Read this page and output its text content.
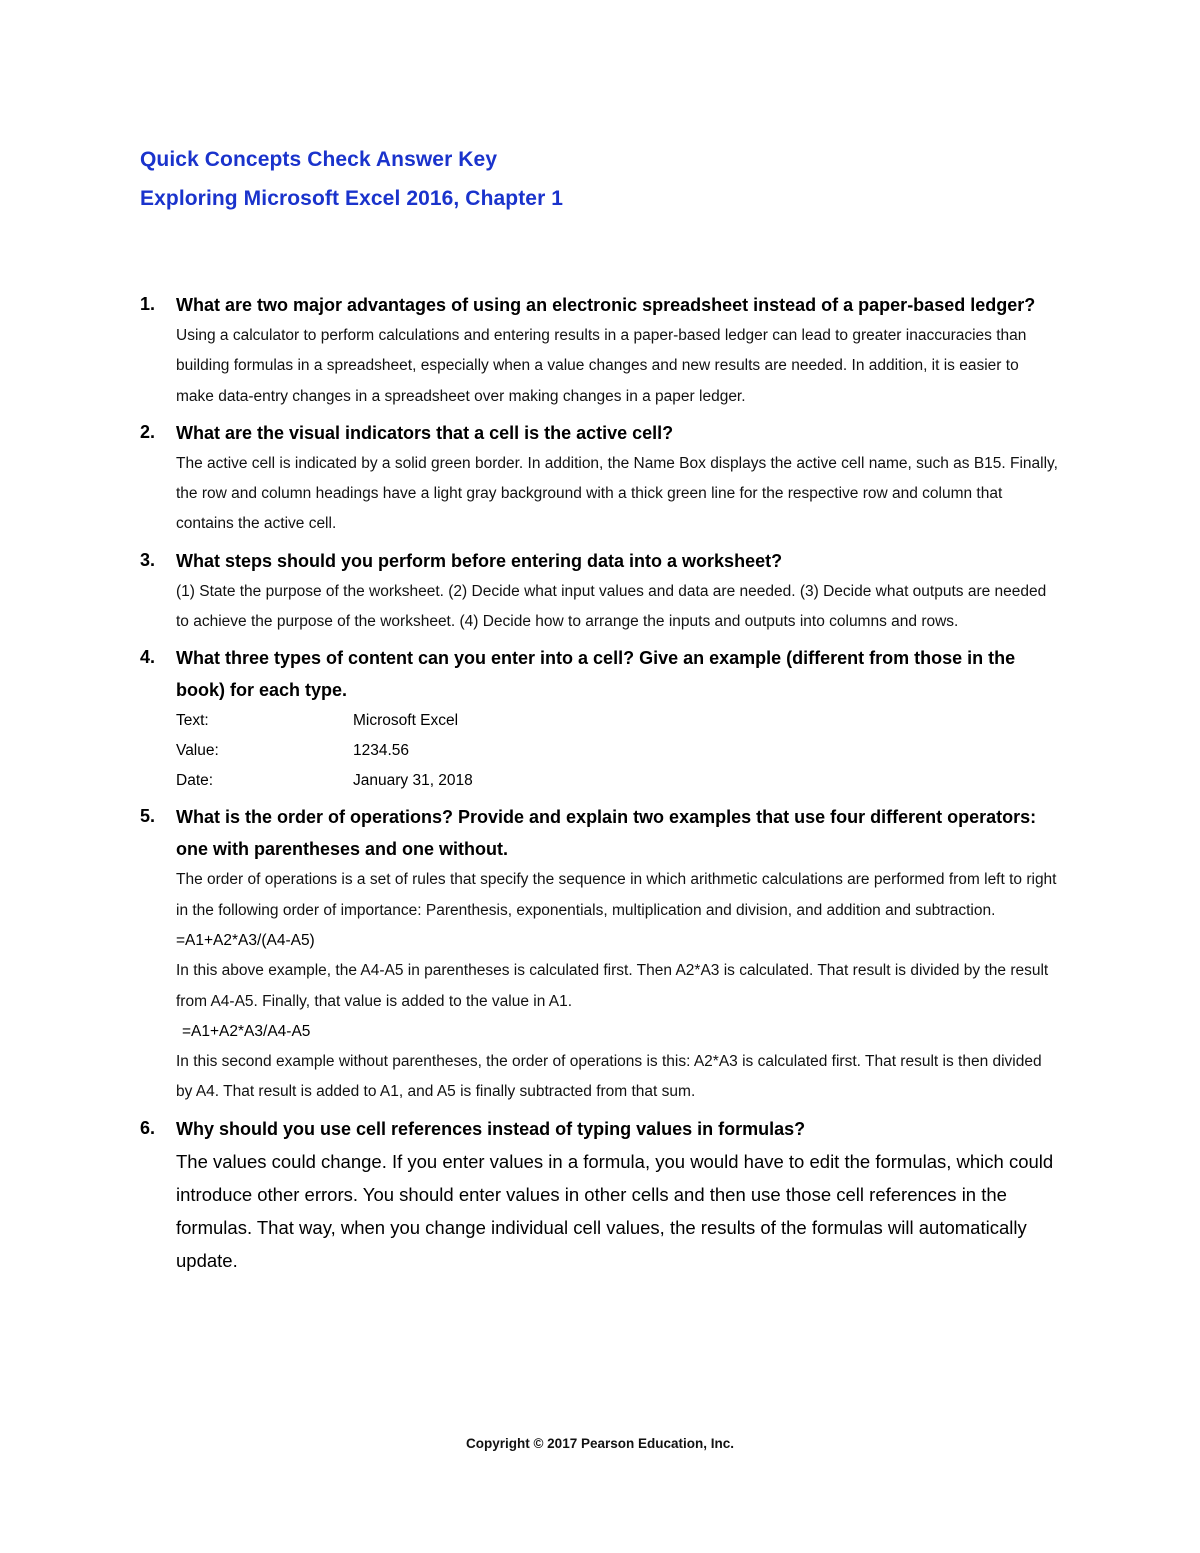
Quick Concepts Check Answer Key
Exploring Microsoft Excel 2016, Chapter 1
1. What are two major advantages of using an electronic spreadsheet instead of a paper-based ledger?

Using a calculator to perform calculations and entering results in a paper-based ledger can lead to greater inaccuracies than building formulas in a spreadsheet, especially when a value changes and new results are needed. In addition, it is easier to make data-entry changes in a spreadsheet over making changes in a paper ledger.

2. What are the visual indicators that a cell is the active cell?

The active cell is indicated by a solid green border. In addition, the Name Box displays the active cell name, such as B15. Finally, the row and column headings have a light gray background with a thick green line for the respective row and column that contains the active cell.

3. What steps should you perform before entering data into a worksheet?

(1) State the purpose of the worksheet. (2) Decide what input values and data are needed. (3) Decide what outputs are needed to achieve the purpose of the worksheet. (4) Decide how to arrange the inputs and outputs into columns and rows.

4. What three types of content can you enter into a cell? Give an example (different from those in the book) for each type.

Text:	Microsoft Excel
Value:	1234.56
Date:	January 31, 2018
5. What is the order of operations? Provide and explain two examples that use four different operators: one with parentheses and one without.

The order of operations is a set of rules that specify the sequence in which arithmetic calculations are performed from left to right in the following order of importance: Parenthesis, exponentials, multiplication and division, and addition and subtraction.

=A1+A2*A3/(A4-A5)

In this above example, the A4-A5 in parentheses is calculated first. Then A2*A3 is calculated. That result is divided by the result from A4-A5. Finally, that value is added to the value in A1.

=A1+A2*A3/A4-A5

In this second example without parentheses, the order of operations is this: A2*A3 is calculated first. That result is then divided by A4. That result is added to A1, and A5 is finally subtracted from that sum.

6. Why should you use cell references instead of typing values in formulas?

The values could change. If you enter values in a formula, you would have to edit the formulas, which could introduce other errors. You should enter values in other cells and then use those cell references in the formulas. That way, when you change individual cell values, the results of the formulas will automatically update.

Copyright © 2017 Pearson Education, Inc.
